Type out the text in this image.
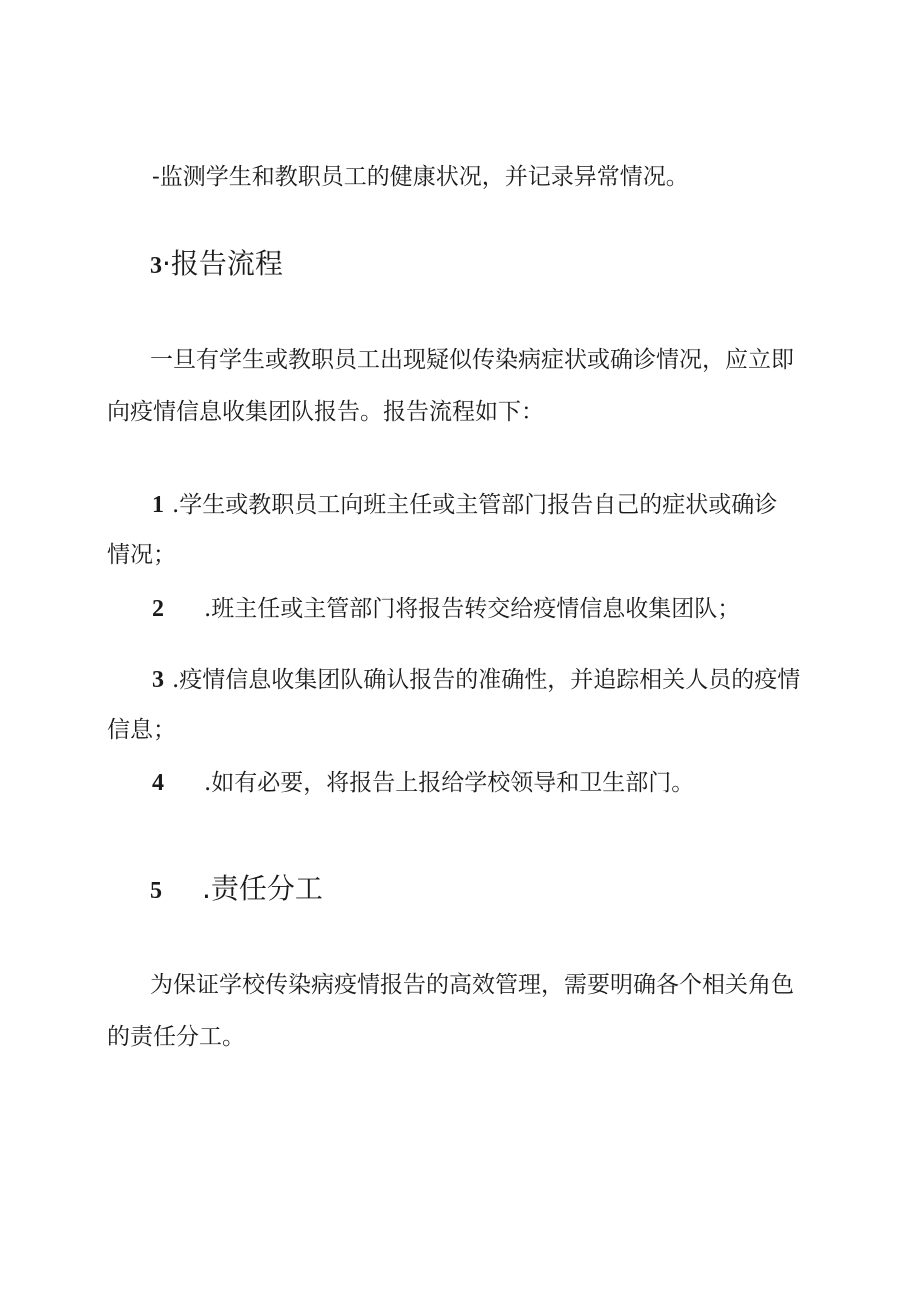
-监测学生和教职员工的健康状况，并记录异常情况。
3·报告流程
一旦有学生或教职员工出现疑似传染病症状或确诊情况，应立即
向疫情信息收集团队报告。报告流程如下：
1 .学生或教职员工向班主任或主管部门报告自己的症状或确诊
情况；
2 .班主任或主管部门将报告转交给疫情信息收集团队；
3 .疫情信息收集团队确认报告的准确性，并追踪相关人员的疫情
信息；
4 .如有必要，将报告上报给学校领导和卫生部门。
5 .责任分工
为保证学校传染病疫情报告的高效管理，需要明确各个相关角色
的责任分工。
